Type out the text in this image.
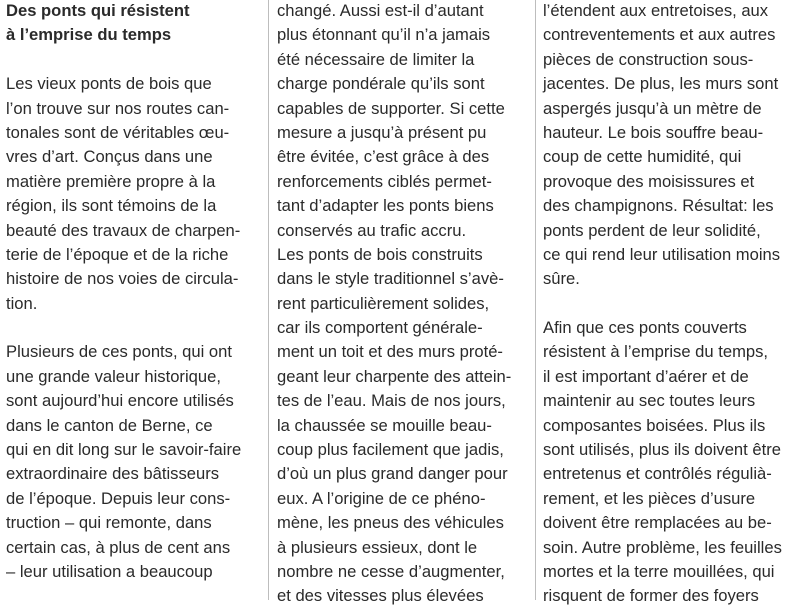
Des ponts qui résistent
à l’emprise du temps
Les vieux ponts de bois que
l’on trouve sur nos routes can-
tonales sont de véritables œu-
vres d’art. Conçus dans une
matière première propre à la
région, ils sont témoins de la
beauté des travaux de charpen-
terie de l’époque et de la riche
histoire de nos voies de circula-
tion.
Plusieurs de ces ponts, qui ont
une grande valeur historique,
sont aujourd’hui encore utilisés
dans le canton de Berne, ce
qui en dit long sur le savoir-faire
extraordinaire des bâtisseurs
de l’époque. Depuis leur cons-
truction – qui remonte, dans
certain cas, à plus de cent ans
– leur utilisation a beaucoup
changé. Aussi est-il d’autant
plus étonnant qu’il n’a jamais
été nécessaire de limiter la
charge pondérale qu’ils sont
capables de supporter. Si cette
mesure a jusqu’à présent pu
être évitée, c’est grâce à des
renforcements ciblés permet-
tant d’adapter les ponts biens
conservés au trafic accru.
Les ponts de bois construits
dans le style traditionnel s’avè-
rent particulièrement solides,
car ils comportent générale-
ment un toit et des murs proté-
geant leur charpente des attein-
tes de l’eau. Mais de nos jours,
la chaussée se mouille beau-
coup plus facilement que jadis,
d’où un plus grand danger pour
eux. A l’origine de ce phéno-
mène, les pneus des véhicules
à plusieurs essieux, dont le
nombre ne cesse d’augmenter,
et des vitesses plus élevées
l’étendent aux entretoises, aux
contreventements et aux autres
pièces de construction sous-
jacentes. De plus, les murs sont
aspergés jusqu’à un mètre de
hauteur. Le bois souffre beau-
coup de cette humidité, qui
provoque des moisissures et
des champignons. Résultat: les
ponts perdent de leur solidité,
ce qui rend leur utilisation moins
sûre.
Afin que ces ponts couverts
résistent à l’emprise du temps,
il est important d’aérer et de
maintenir au sec toutes leurs
composantes boisées. Plus ils
sont utilisés, plus ils doivent être
entretenus et contrôlés régulià-
rement, et les pièces d’usure
doivent être remplacées au be-
soin. Autre problème, les feuilles
mortes et la terre mouillées, qui
risquent de former des foyers
